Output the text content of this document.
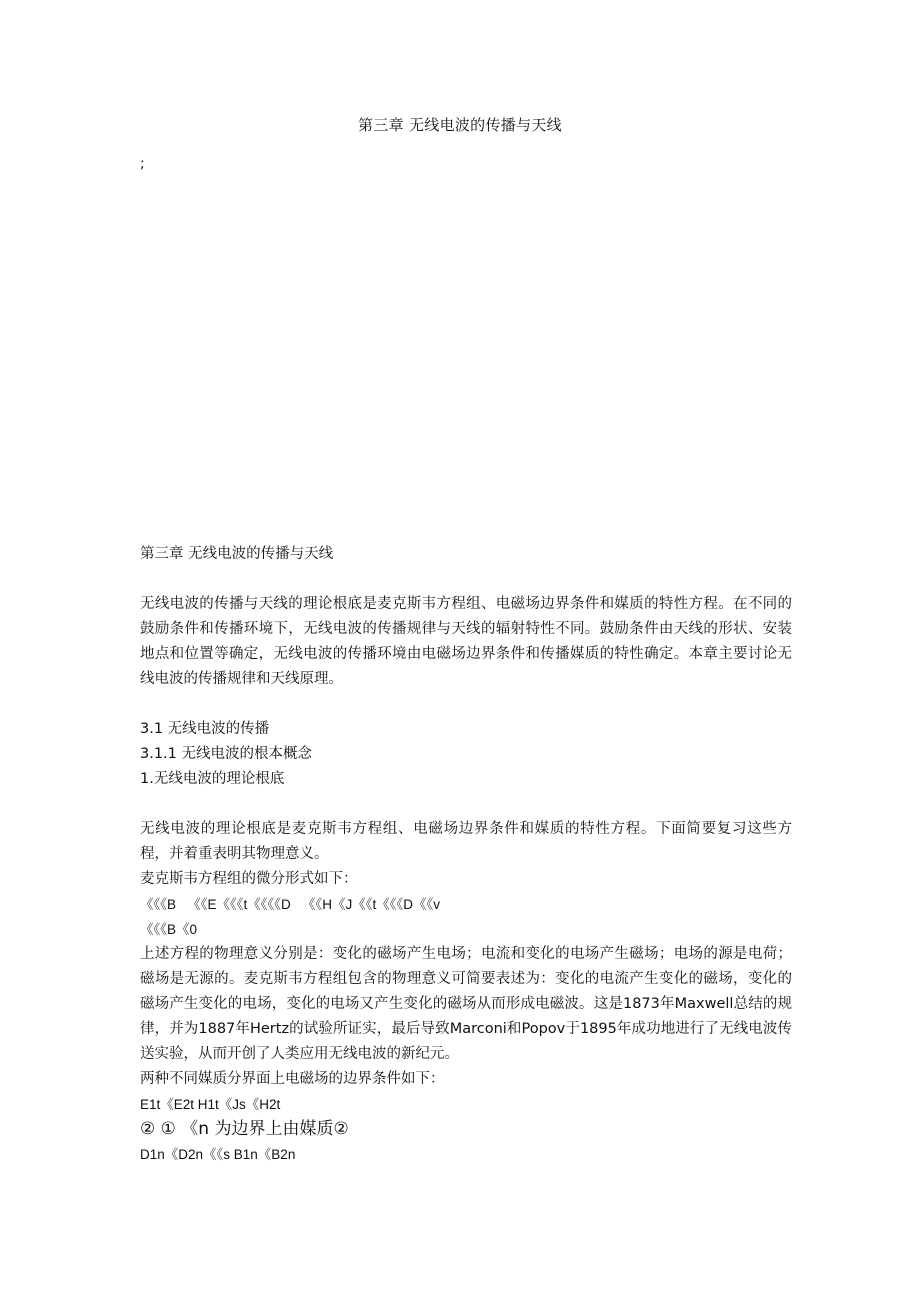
第三章 无线电波的传播与天线
;

第三章 无线电波的传播与天线

无线电波的传播与天线的理论根底是麦克斯韦方程组、电磁场边界条件和媒质的特性方程。在不同的鼓励条件和传播环境下，无线电波的传播规律与天线的辐射特性不同。鼓励条件由天线的形状、安装地点和位置等确定，无线电波的传播环境由电磁场边界条件和传播媒质的特性确定。本章主要讨论无线电波的传播规律和天线原理。

3.1 无线电波的传播

3.1.1 无线电波的根本概念

1.无线电波的理论根底

无线电波的理论根底是麦克斯韦方程组、电磁场边界条件和媒质的特性方程。下面简要复习这些方程，并着重表明其物理意义。

麦克斯韦方程组的微分形式如下：

《《《B   《《E《《《t《《《《D   《《H《J《《t《《《D《《v

《《《B《0

上述方程的物理意义分别是：变化的磁场产生电场；电流和变化的电场产生磁场；电场的源是电荷；磁场是无源的。麦克斯韦方程组包含的物理意义可简要表述为：变化的电流产生变化的磁场，变化的磁场产生变化的电场，变化的电场又产生变化的磁场从而形成电磁波。这是1873年Maxwell总结的规律，并为1887年Hertz的试验所证实，最后导致Marconi和Popov于1895年成功地进行了无线电波传送实验，从而开创了人类应用无线电波的新纪元。

两种不同媒质分界面上电磁场的边界条件如下：

E1t《E2t H1t《Js《H2t

② ① 《n 为边界上由媒质②

D1n《D2n《《s B1n《B2n
